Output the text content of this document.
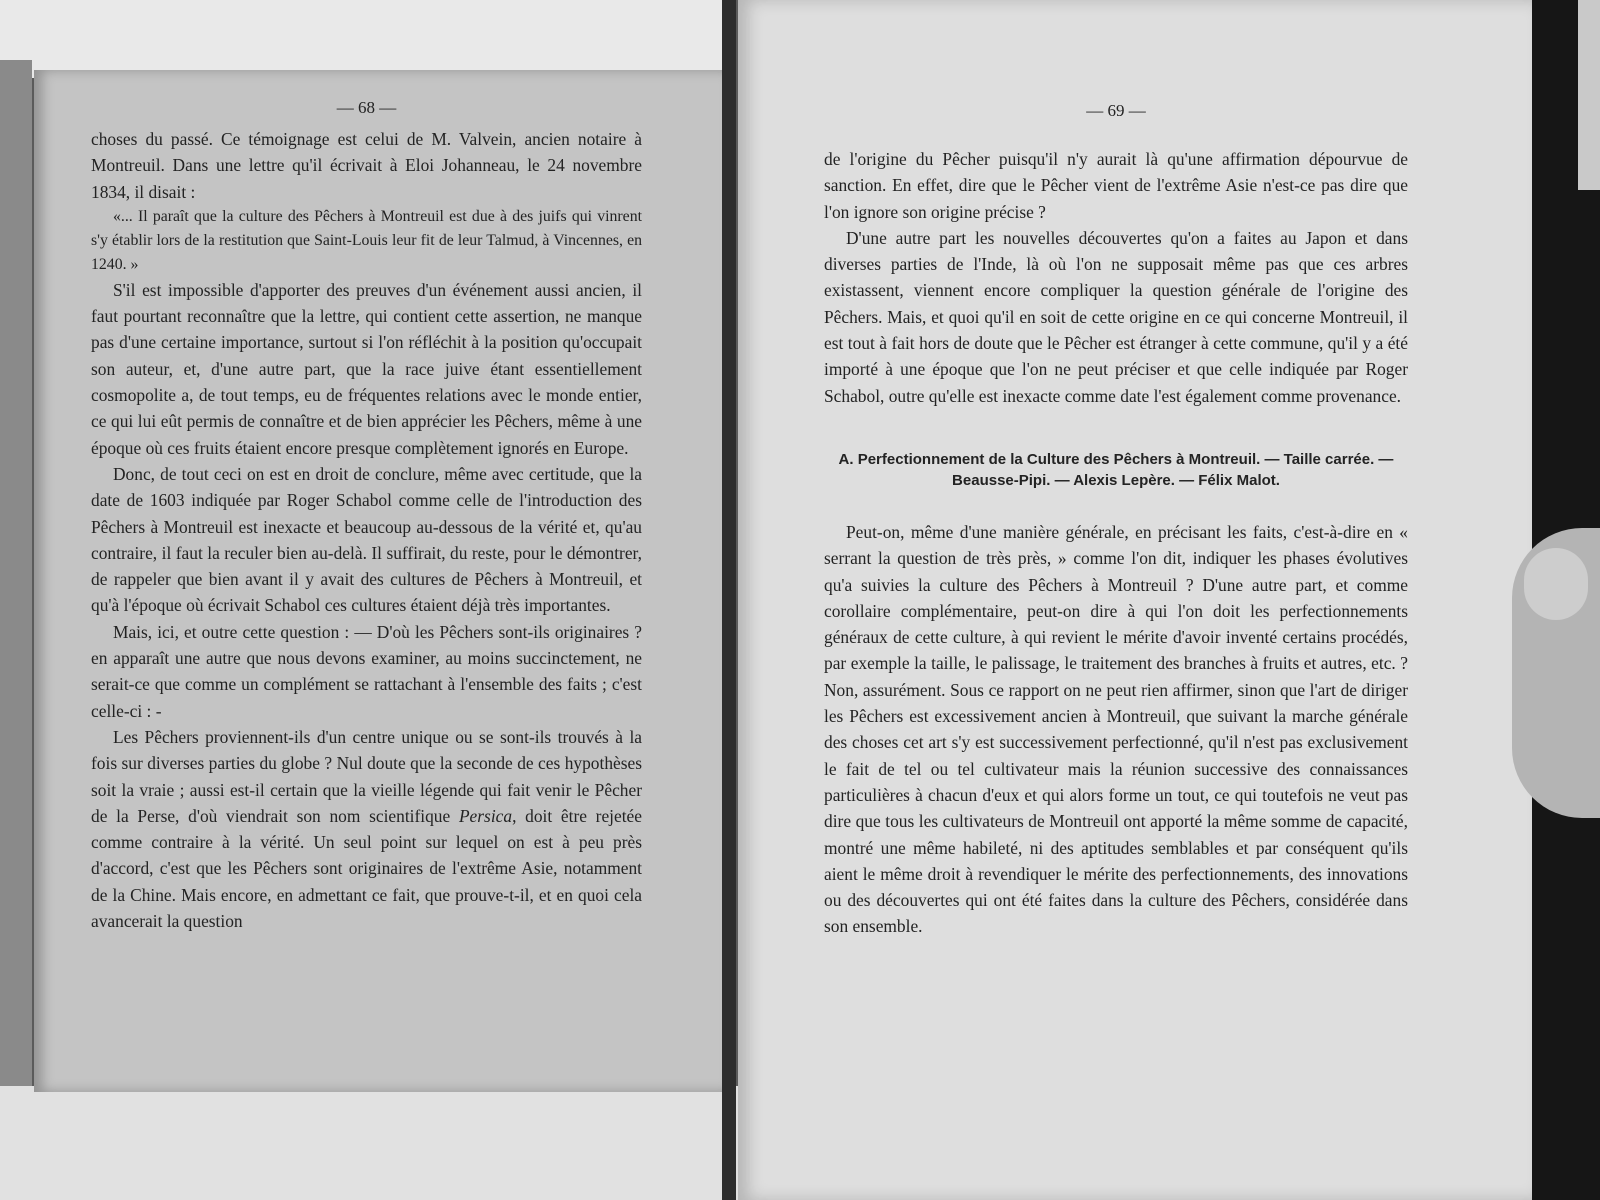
— 68 —

choses du passé. Ce témoignage est celui de M. Valvein, ancien notaire à Montreuil. Dans une lettre qu'il écrivait à Eloi Johanneau, le 24 novembre 1834, il disait :

«... Il paraît que la culture des Pêchers à Montreuil est due à des juifs qui vinrent s'y établir lors de la restitution que Saint-Louis leur fit de leur Talmud, à Vincennes, en 1240. »

S'il est impossible d'apporter des preuves d'un événement aussi ancien, il faut pourtant reconnaître que la lettre, qui contient cette assertion, ne manque pas d'une certaine importance, surtout si l'on réfléchit à la position qu'occupait son auteur, et, d'une autre part, que la race juive étant essentiellement cosmopolite a, de tout temps, eu de fréquentes relations avec le monde entier, ce qui lui eût permis de connaître et de bien apprécier les Pêchers, même à une époque où ces fruits étaient encore presque complètement ignorés en Europe.

Donc, de tout ceci on est en droit de conclure, même avec certitude, que la date de 1603 indiquée par Roger Schabol comme celle de l'introduction des Pêchers à Montreuil est inexacte et beaucoup au-dessous de la vérité et, qu'au contraire, il faut la reculer bien au-delà. Il suffirait, du reste, pour le démontrer, de rappeler que bien avant il y avait des cultures de Pêchers à Montreuil, et qu'à l'époque où écrivait Schabol ces cultures étaient déjà très importantes.

Mais, ici, et outre cette question : — D'où les Pêchers sont-ils originaires ? en apparaît une autre que nous devons examiner, au moins succinctement, ne serait-ce que comme un complément se rattachant à l'ensemble des faits ; c'est celle-ci : -

Les Pêchers proviennent-ils d'un centre unique ou se sont-ils trouvés à la fois sur diverses parties du globe ? Nul doute que la seconde de ces hypothèses soit la vraie ; aussi est-il certain que la vieille légende qui fait venir le Pêcher de la Perse, d'où viendrait son nom scientifique Persica, doit être rejetée comme contraire à la vérité. Un seul point sur lequel on est à peu près d'accord, c'est que les Pêchers sont originaires de l'extrême Asie, notamment de la Chine. Mais encore, en admettant ce fait, que prouve-t-il, et en quoi cela avancerait la question

— 69 —

de l'origine du Pêcher puisqu'il n'y aurait là qu'une affirmation dépourvue de sanction. En effet, dire que le Pêcher vient de l'extrême Asie n'est-ce pas dire que l'on ignore son origine précise ?

D'une autre part les nouvelles découvertes qu'on a faites au Japon et dans diverses parties de l'Inde, là où l'on ne supposait même pas que ces arbres existassent, viennent encore compliquer la question générale de l'origine des Pêchers. Mais, et quoi qu'il en soit de cette origine en ce qui concerne Montreuil, il est tout à fait hors de doute que le Pêcher est étranger à cette commune, qu'il y a été importé à une époque que l'on ne peut préciser et que celle indiquée par Roger Schabol, outre qu'elle est inexacte comme date l'est également comme provenance.

A. Perfectionnement de la Culture des Pêchers à Montreuil. — Taille carrée. — Beausse-Pipi. — Alexis Lepère. — Félix Malot.

Peut-on, même d'une manière générale, en précisant les faits, c'est-à-dire en « serrant la question de très près, » comme l'on dit, indiquer les phases évolutives qu'a suivies la culture des Pêchers à Montreuil ? D'une autre part, et comme corollaire complémentaire, peut-on dire à qui l'on doit les perfectionnements généraux de cette culture, à qui revient le mérite d'avoir inventé certains procédés, par exemple la taille, le palissage, le traitement des branches à fruits et autres, etc. ? Non, assurément. Sous ce rapport on ne peut rien affirmer, sinon que l'art de diriger les Pêchers est excessivement ancien à Montreuil, que suivant la marche générale des choses cet art s'y est successivement perfectionné, qu'il n'est pas exclusivement le fait de tel ou tel cultivateur mais la réunion successive des connaissances particulières à chacun d'eux et qui alors forme un tout, ce qui toutefois ne veut pas dire que tous les cultivateurs de Montreuil ont apporté la même somme de capacité, montré une même habileté, ni des aptitudes semblables et par conséquent qu'ils aient le même droit à revendiquer le mérite des perfectionnements, des innovations ou des découvertes qui ont été faites dans la culture des Pêchers, considérée dans son ensemble.
